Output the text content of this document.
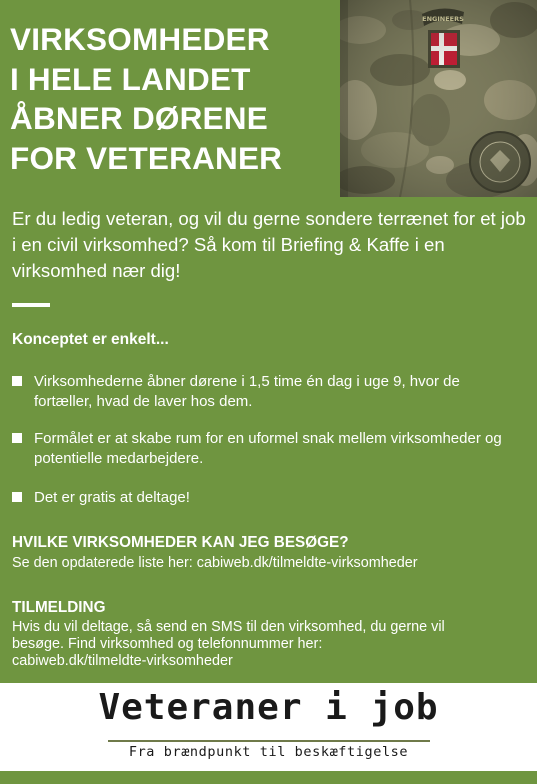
VIRKSOMHEDER
I HELE LANDET
ÅBNER DØRENE
FOR VETERANER

Er du ledig veteran, og vil du gerne sondere terrænet for et job i en civil virksomhed? Så kom til Briefing & Kaffe i en virksomhed nær dig!

Konceptet er enkelt...
Virksomhederne åbner dørene i 1,5 time én dag i uge 9, hvor de fortæller, hvad de laver hos dem.
Formålet er at skabe rum for en uformel snak mellem virksomheder og potentielle medarbejdere.
Det er gratis at deltage!
HVILKE VIRKSOMHEDER KAN JEG BESØGE?
Se den opdaterede liste her: cabiweb.dk/tilmeldte-virksomheder
TILMELDING
Hvis du vil deltage, så send en SMS til den virksomhed, du gerne vil
besøge. Find virksomhed og telefonnummer her:
cabiweb.dk/tilmeldte-virksomheder
Veteraner i job
Fra brændpunkt til beskæftigelse
